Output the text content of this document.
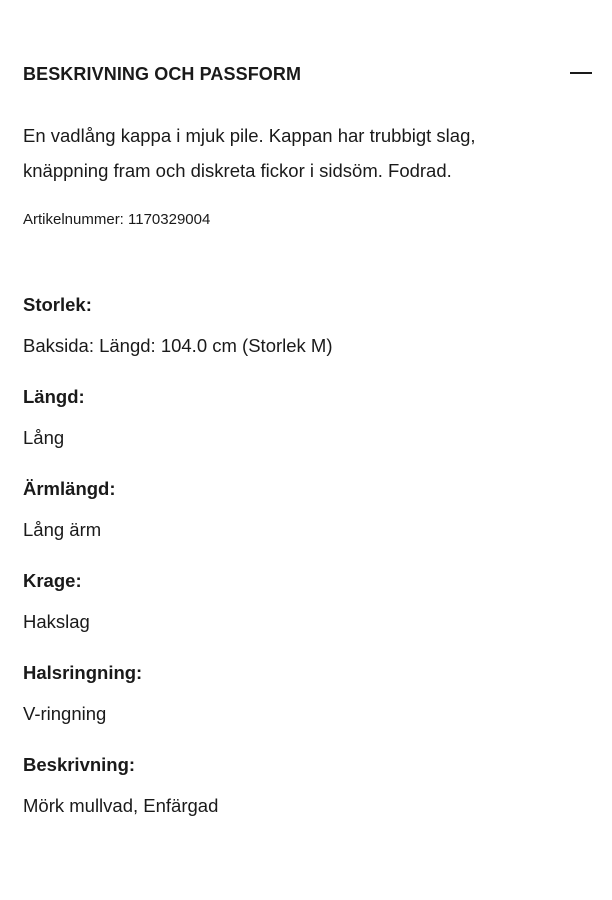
BESKRIVNING OCH PASSFORM

En vadlång kappa i mjuk pile. Kappan har trubbigt slag,

knäppning fram och diskreta fickor i sidsöm. Fodrad.

Artikelnummer: 1170329004
Storlek:
Baksida: Längd: 104.0 cm (Storlek M)
Längd:
Lång
Ärmlängd:
Lång ärm
Krage:
Hakslag
Halsringning:
V-ringning
Beskrivning:
Mörk mullvad, Enfärgad
